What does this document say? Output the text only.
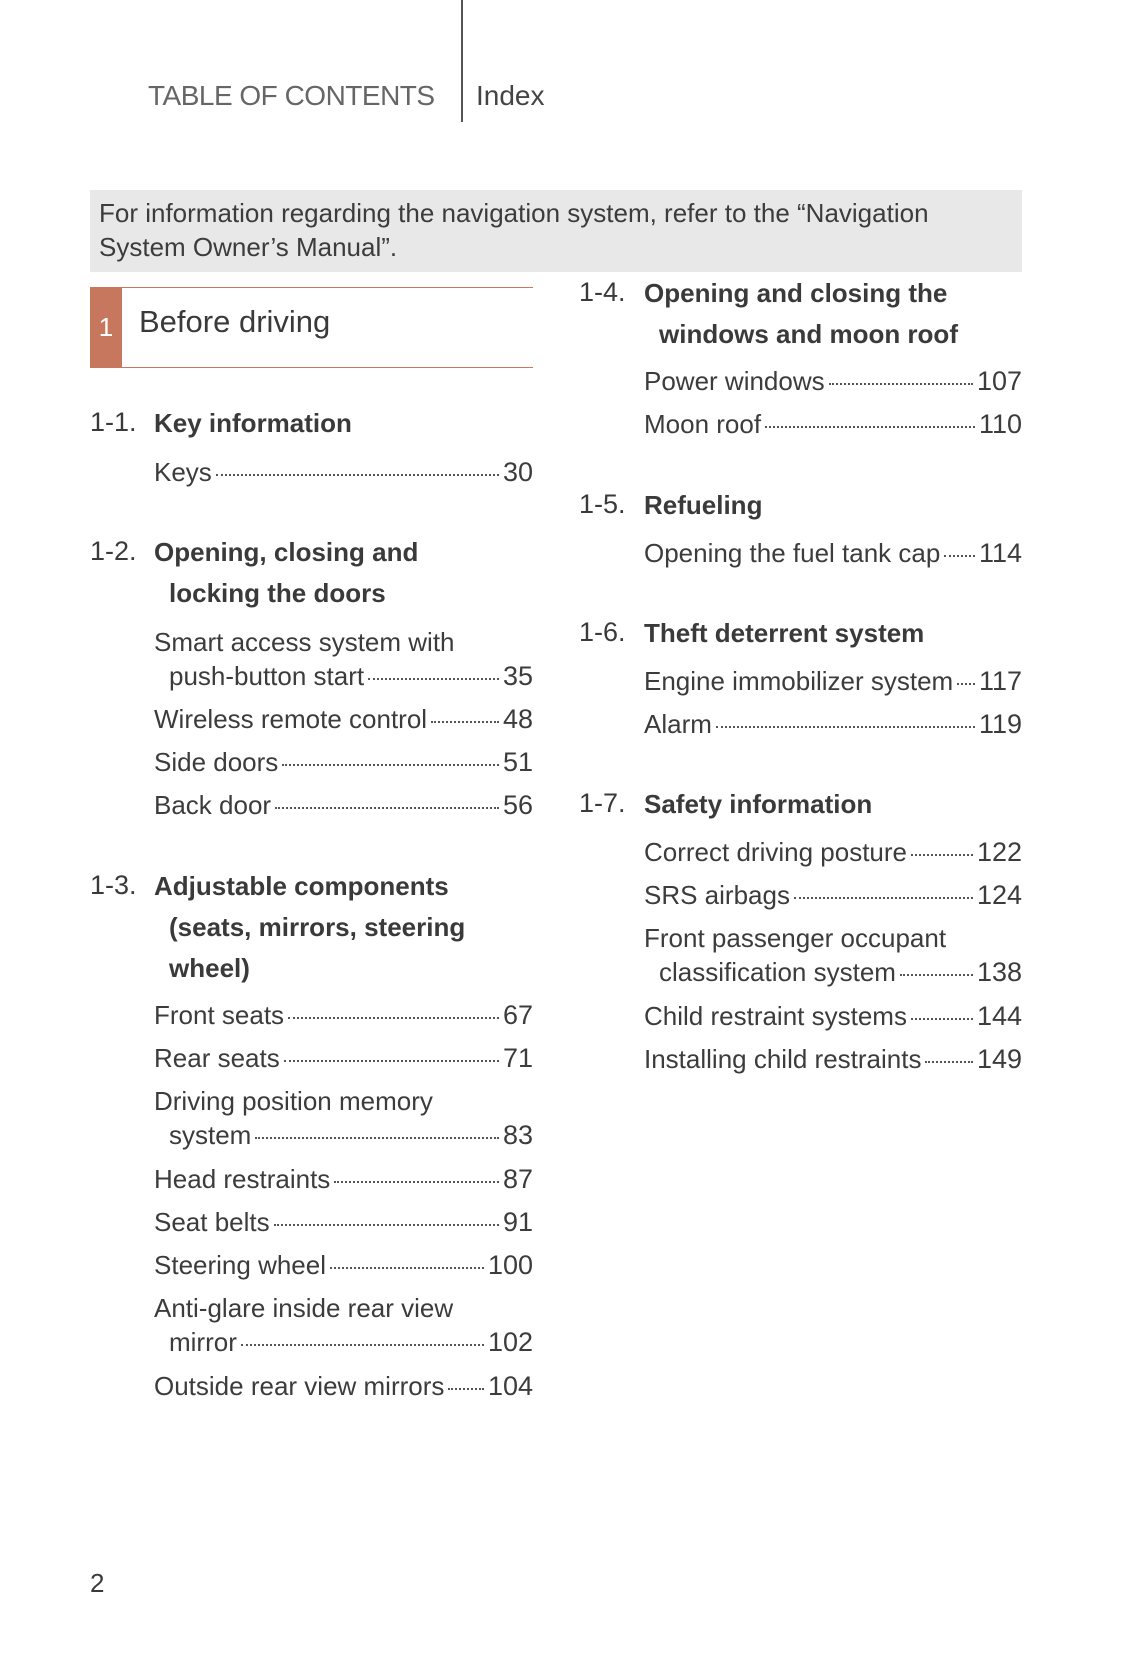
TABLE OF CONTENTS Index
For information regarding the navigation system, refer to the “Navigation System Owner’s Manual”.
1 Before driving
1-1. Key information
Keys	30
1-2. Opening, closing and
locking the doors
Smart access system with
push-button start	35
Wireless remote control	48
Side doors	51
Back door	56
1-3. Adjustable components
(seats, mirrors, steering
wheel)
Front seats	67
Rear seats	71
Driving position memory
system	83
Head restraints	87
Seat belts	91
Steering wheel	100
Anti-glare inside rear view
mirror	102
Outside rear view mirrors 104
1-4. Opening and closing the
windows and moon roof
Power windows	107
Moon roof	110
1-5. Refueling
Opening the fuel tank cap 114
1-6. Theft deterrent system
Engine immobilizer system 117
Alarm	119
1-7. Safety information
Correct driving posture	122
SRS airbags	124
Front passenger occupant
classification system	138
Child restraint systems	144
Installing child restraints 149
2
